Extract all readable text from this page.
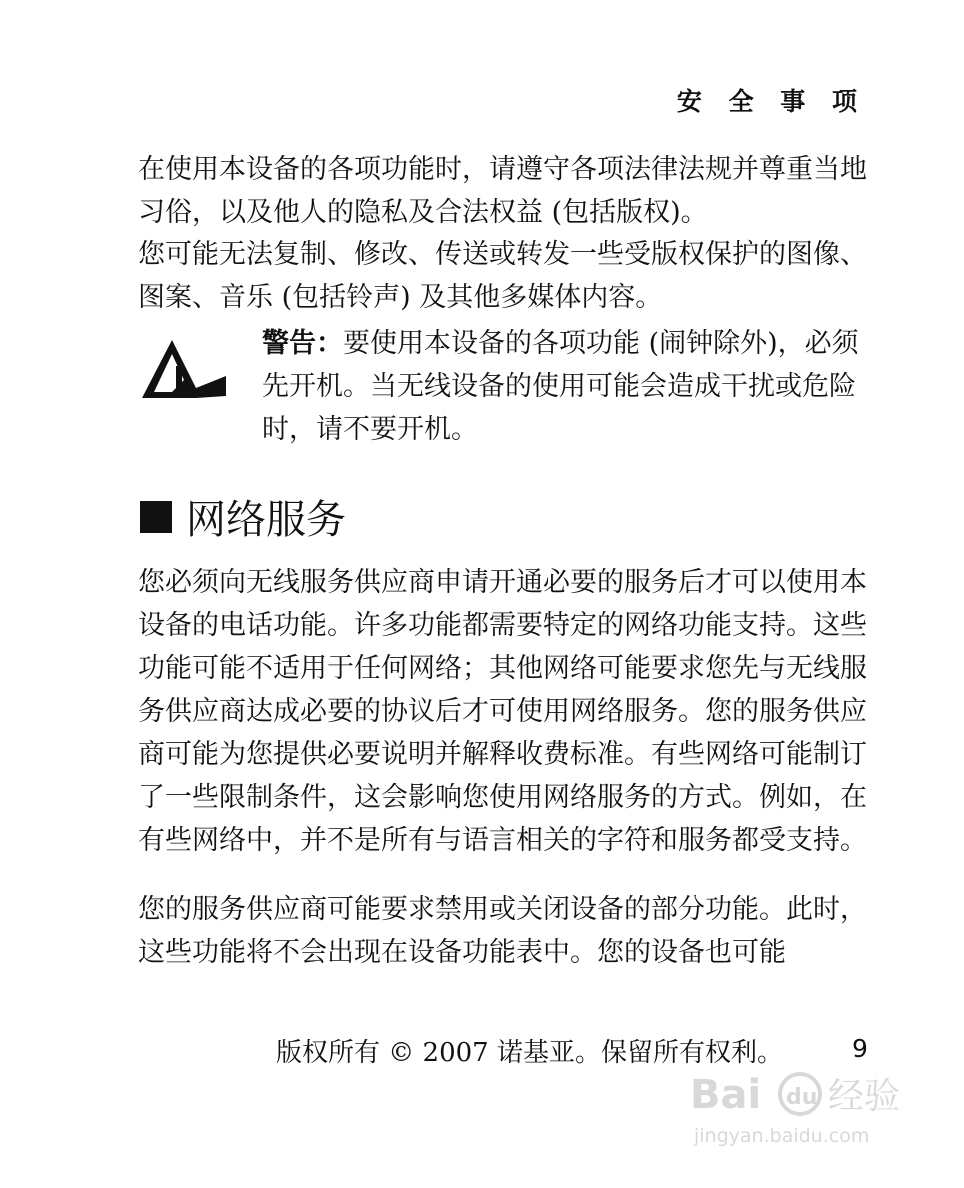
安 全 事 项

在使用本设备的各项功能时，请遵守各项法律法规并尊重当地习俗，以及他人的隐私及合法权益 (包括版权)。

您可能无法复制、修改、传送或转发一些受版权保护的图像、图案、音乐 (包括铃声) 及其他多媒体内容。

警告：要使用本设备的各项功能 (闹钟除外)，必须先开机。当无线设备的使用可能会造成干扰或危险时，请不要开机。

网络服务

您必须向无线服务供应商申请开通必要的服务后才可以使用本设备的电话功能。许多功能都需要特定的网络功能支持。这些功能可能不适用于任何网络；其他网络可能要求您先与无线服务供应商达成必要的协议后才可使用网络服务。您的服务供应商可能为您提供必要说明并解释收费标准。有些网络可能制订了一些限制条件，这会影响您使用网络服务的方式。例如，在有些网络中，并不是所有与语言相关的字符和服务都受支持。

您的服务供应商可能要求禁用或关闭设备的部分功能。此时，这些功能将不会出现在设备功能表中。您的设备也可能

版权所有 © 2007 诺基亚。保留所有权利。	9
Bai du 经验
jingyan.baidu.com
